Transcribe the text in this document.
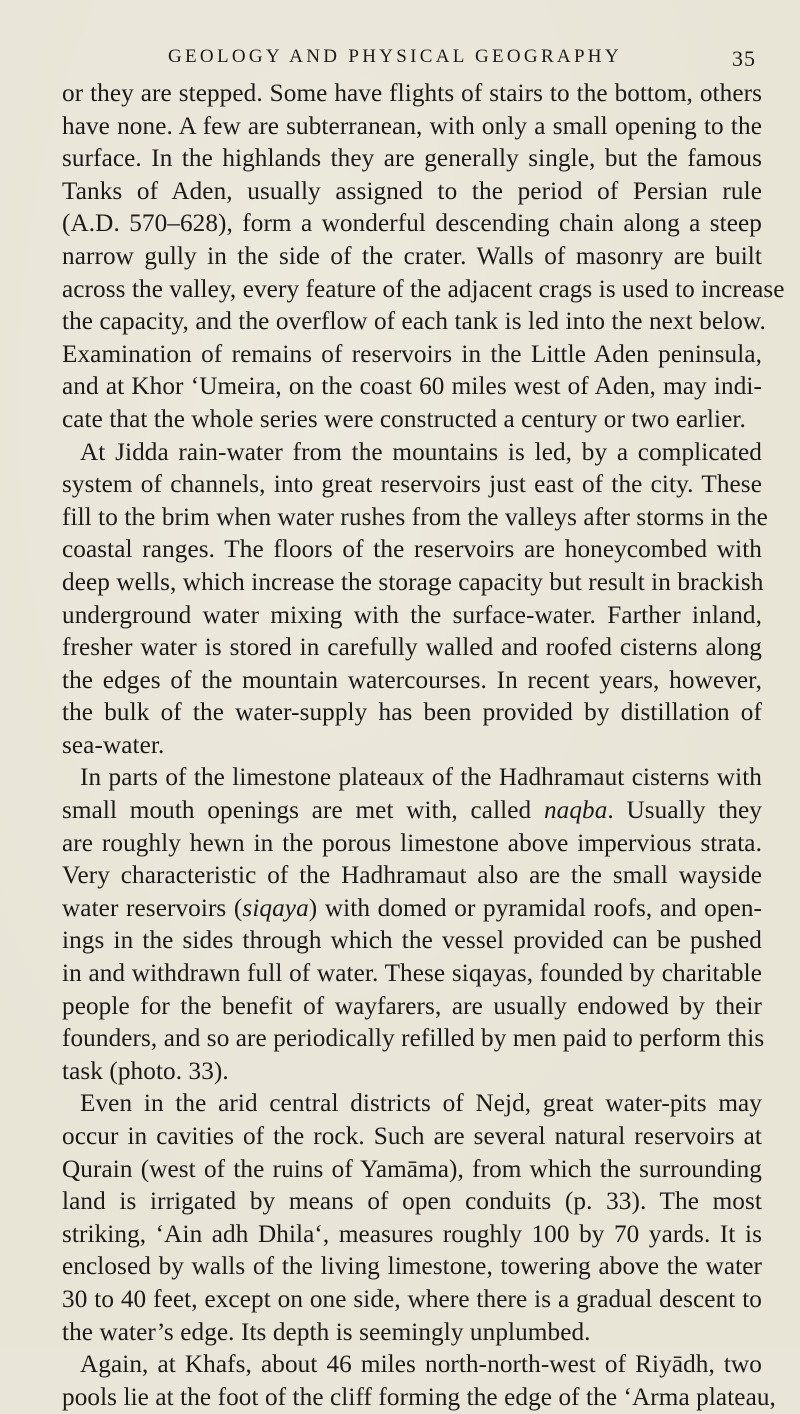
GEOLOGY AND PHYSICAL GEOGRAPHY	35
or they are stepped. Some have flights of stairs to the bottom, others
have none. A few are subterranean, with only a small opening to the
surface. In the highlands they are generally single, but the famous
Tanks of Aden, usually assigned to the period of Persian rule
(A.D. 570–628), form a wonderful descending chain along a steep
narrow gully in the side of the crater. Walls of masonry are built
across the valley, every feature of the adjacent crags is used to increase
the capacity, and the overflow of each tank is led into the next below.
Examination of remains of reservoirs in the Little Aden peninsula,
and at Khor ‘Umeira, on the coast 60 miles west of Aden, may indi-
cate that the whole series were constructed a century or two earlier.
At Jidda rain-water from the mountains is led, by a complicated
system of channels, into great reservoirs just east of the city. These
fill to the brim when water rushes from the valleys after storms in the
coastal ranges. The floors of the reservoirs are honeycombed with
deep wells, which increase the storage capacity but result in brackish
underground water mixing with the surface-water. Farther inland,
fresher water is stored in carefully walled and roofed cisterns along
the edges of the mountain watercourses. In recent years, however,
the bulk of the water-supply has been provided by distillation of
sea-water.
In parts of the limestone plateaux of the Hadhramaut cisterns with
small mouth openings are met with, called naqba. Usually they
are roughly hewn in the porous limestone above impervious strata.
Very characteristic of the Hadhramaut also are the small wayside
water reservoirs (siqaya) with domed or pyramidal roofs, and open-
ings in the sides through which the vessel provided can be pushed
in and withdrawn full of water. These siqayas, founded by charitable
people for the benefit of wayfarers, are usually endowed by their
founders, and so are periodically refilled by men paid to perform this
task (photo. 33).
Even in the arid central districts of Nejd, great water-pits may
occur in cavities of the rock. Such are several natural reservoirs at
Qurain (west of the ruins of Yamāma), from which the surrounding
land is irrigated by means of open conduits (p. 33). The most
striking, ‘Ain adh Dhila‘, measures roughly 100 by 70 yards. It is
enclosed by walls of the living limestone, towering above the water
30 to 40 feet, except on one side, where there is a gradual descent to
the water’s edge. Its depth is seemingly unplumbed.
Again, at Khafs, about 46 miles north-north-west of Riyādh, two
pools lie at the foot of the cliff forming the edge of the ‘Arma plateau,
